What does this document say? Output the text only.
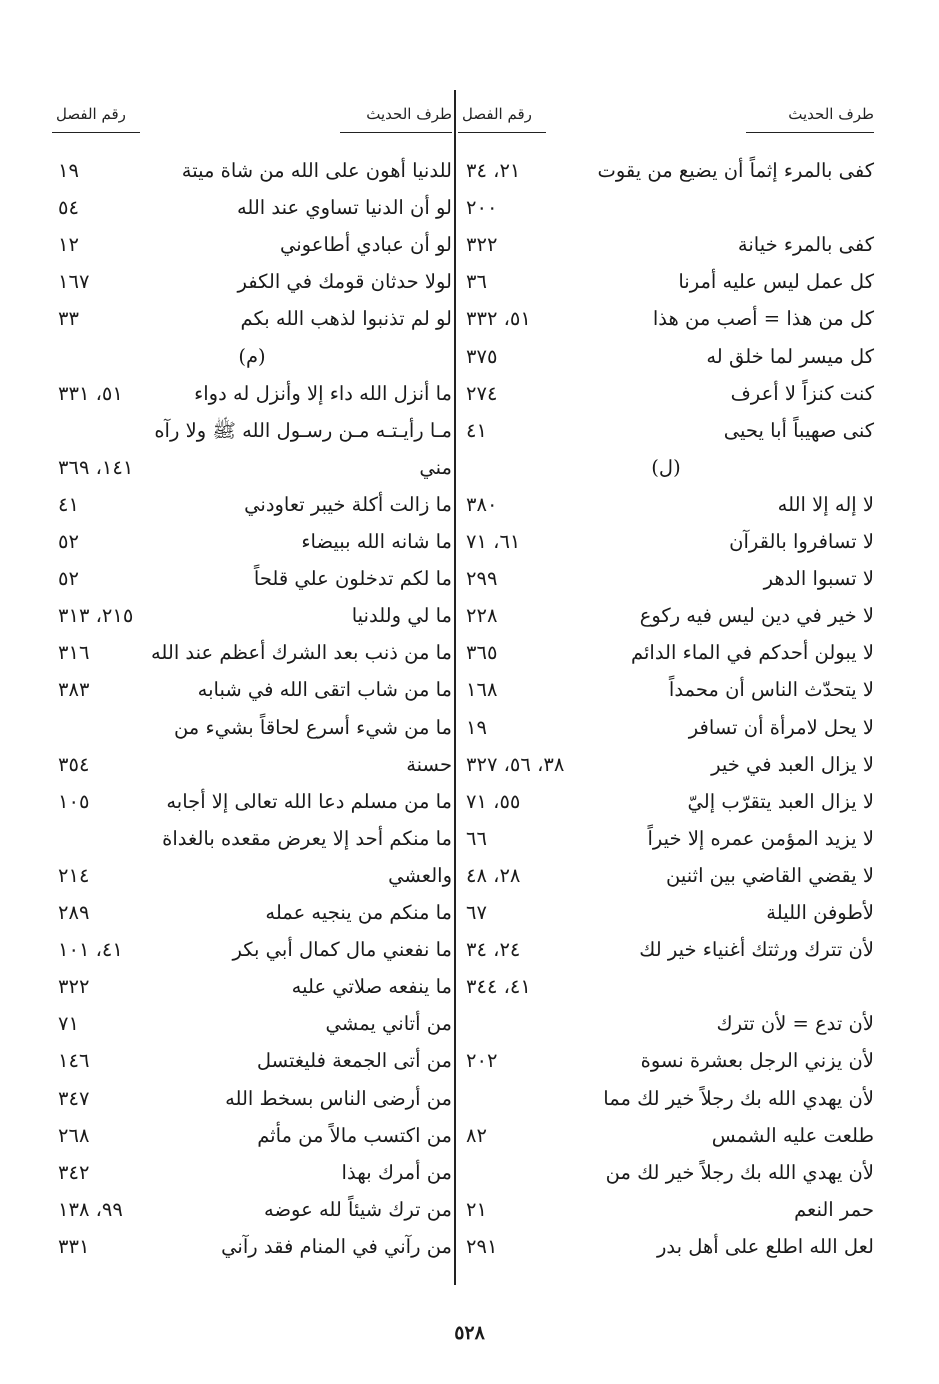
طرف الحديث
رقم الفصل
كفى بالمرء إثماً أن يضيع من يقوت
٢١، ٣٤
٢٠٠
كفى بالمرء خيانة
٣٢٢
كل عمل ليس عليه أمرنا
٣٦
كل من هذا = أصب من هذا
٥١، ٣٣٢
كل ميسر لما خلق له
٣٧٥
كنت كنزاً لا أعرف
٢٧٤
كنى صهيباً أبا يحيى
٤١
(ل)
لا إله إلا الله
٣٨٠
لا تسافروا بالقرآن
٦١، ٧١
لا تسبوا الدهر
٢٩٩
لا خير في دين ليس فيه ركوع
٢٢٨
لا يبولن أحدكم في الماء الدائم
٣٦٥
لا يتحدّث الناس أن محمداً
١٦٨
لا يحل لامرأة أن تسافر
١٩
لا يزال العبد في خير
٣٨، ٥٦، ٣٢٧
لا يزال العبد يتقرّب إليّ
٥٥، ٧١
لا يزيد المؤمن عمره إلا خيراً
٦٦
لا يقضي القاضي بين اثنين
٢٨، ٤٨
لأطوفن الليلة
٦٧
لأن تترك ورثتك أغنياء خير لك
٢٤، ٣٤
٤١، ٣٤٤
لأن تدع = لأن تترك
لأن يزني الرجل بعشرة نسوة
٢٠٢
لأن يهدي الله بك رجلاً خير لك مما
طلعت عليه الشمس
٨٢
لأن يهدي الله بك رجلاً خير لك من
حمر النعم
٢١
لعل الله اطلع على أهل بدر
٢٩١
طرف الحديث
رقم الفصل
للدنيا أهون على الله من شاة ميتة
١٩
لو أن الدنيا تساوي عند الله
٥٤
لو أن عبادي أطاعوني
١٢
لولا حدثان قومك في الكفر
١٦٧
لو لم تذنبوا لذهب الله بكم
٣٣
(م)
ما أنزل الله داء إلا وأنزل له دواء
٥١، ٣٣١
مـا رأيـتـه مـن رسـول الله ﷺ ولا رآه
مني
١٤١، ٣٦٩
ما زالت أكلة خيبر تعاودني
٤١
ما شانه الله ببيضاء
٥٢
ما لكم تدخلون علي قلحاً
٥٢
ما لي وللدنيا
٢١٥، ٣١٣
ما من ذنب بعد الشرك أعظم عند الله
٣١٦
ما من شاب اتقى الله في شبابه
٣٨٣
ما من شيء أسرع لحاقاً بشيء من
حسنة
٣٥٤
ما من مسلم دعا الله تعالى إلا أجابه
١٠٥
ما منكم أحد إلا يعرض مقعده بالغداة
والعشي
٢١٤
ما منكم من ينجيه عمله
٢٨٩
ما نفعني مال كمال أبي بكر
٤١، ١٠١
ما ينفعه صلاتي عليه
٣٢٢
من أتاني يمشي
٧١
من أتى الجمعة فليغتسل
١٤٦
من أرضى الناس بسخط الله
٣٤٧
من اكتسب مالاً من مأثم
٢٦٨
من أمرك بهذا
٣٤٢
من ترك شيئاً لله عوضه
٩٩، ١٣٨
من رآني في المنام فقد رآني
٣٣١
٥٢٨
